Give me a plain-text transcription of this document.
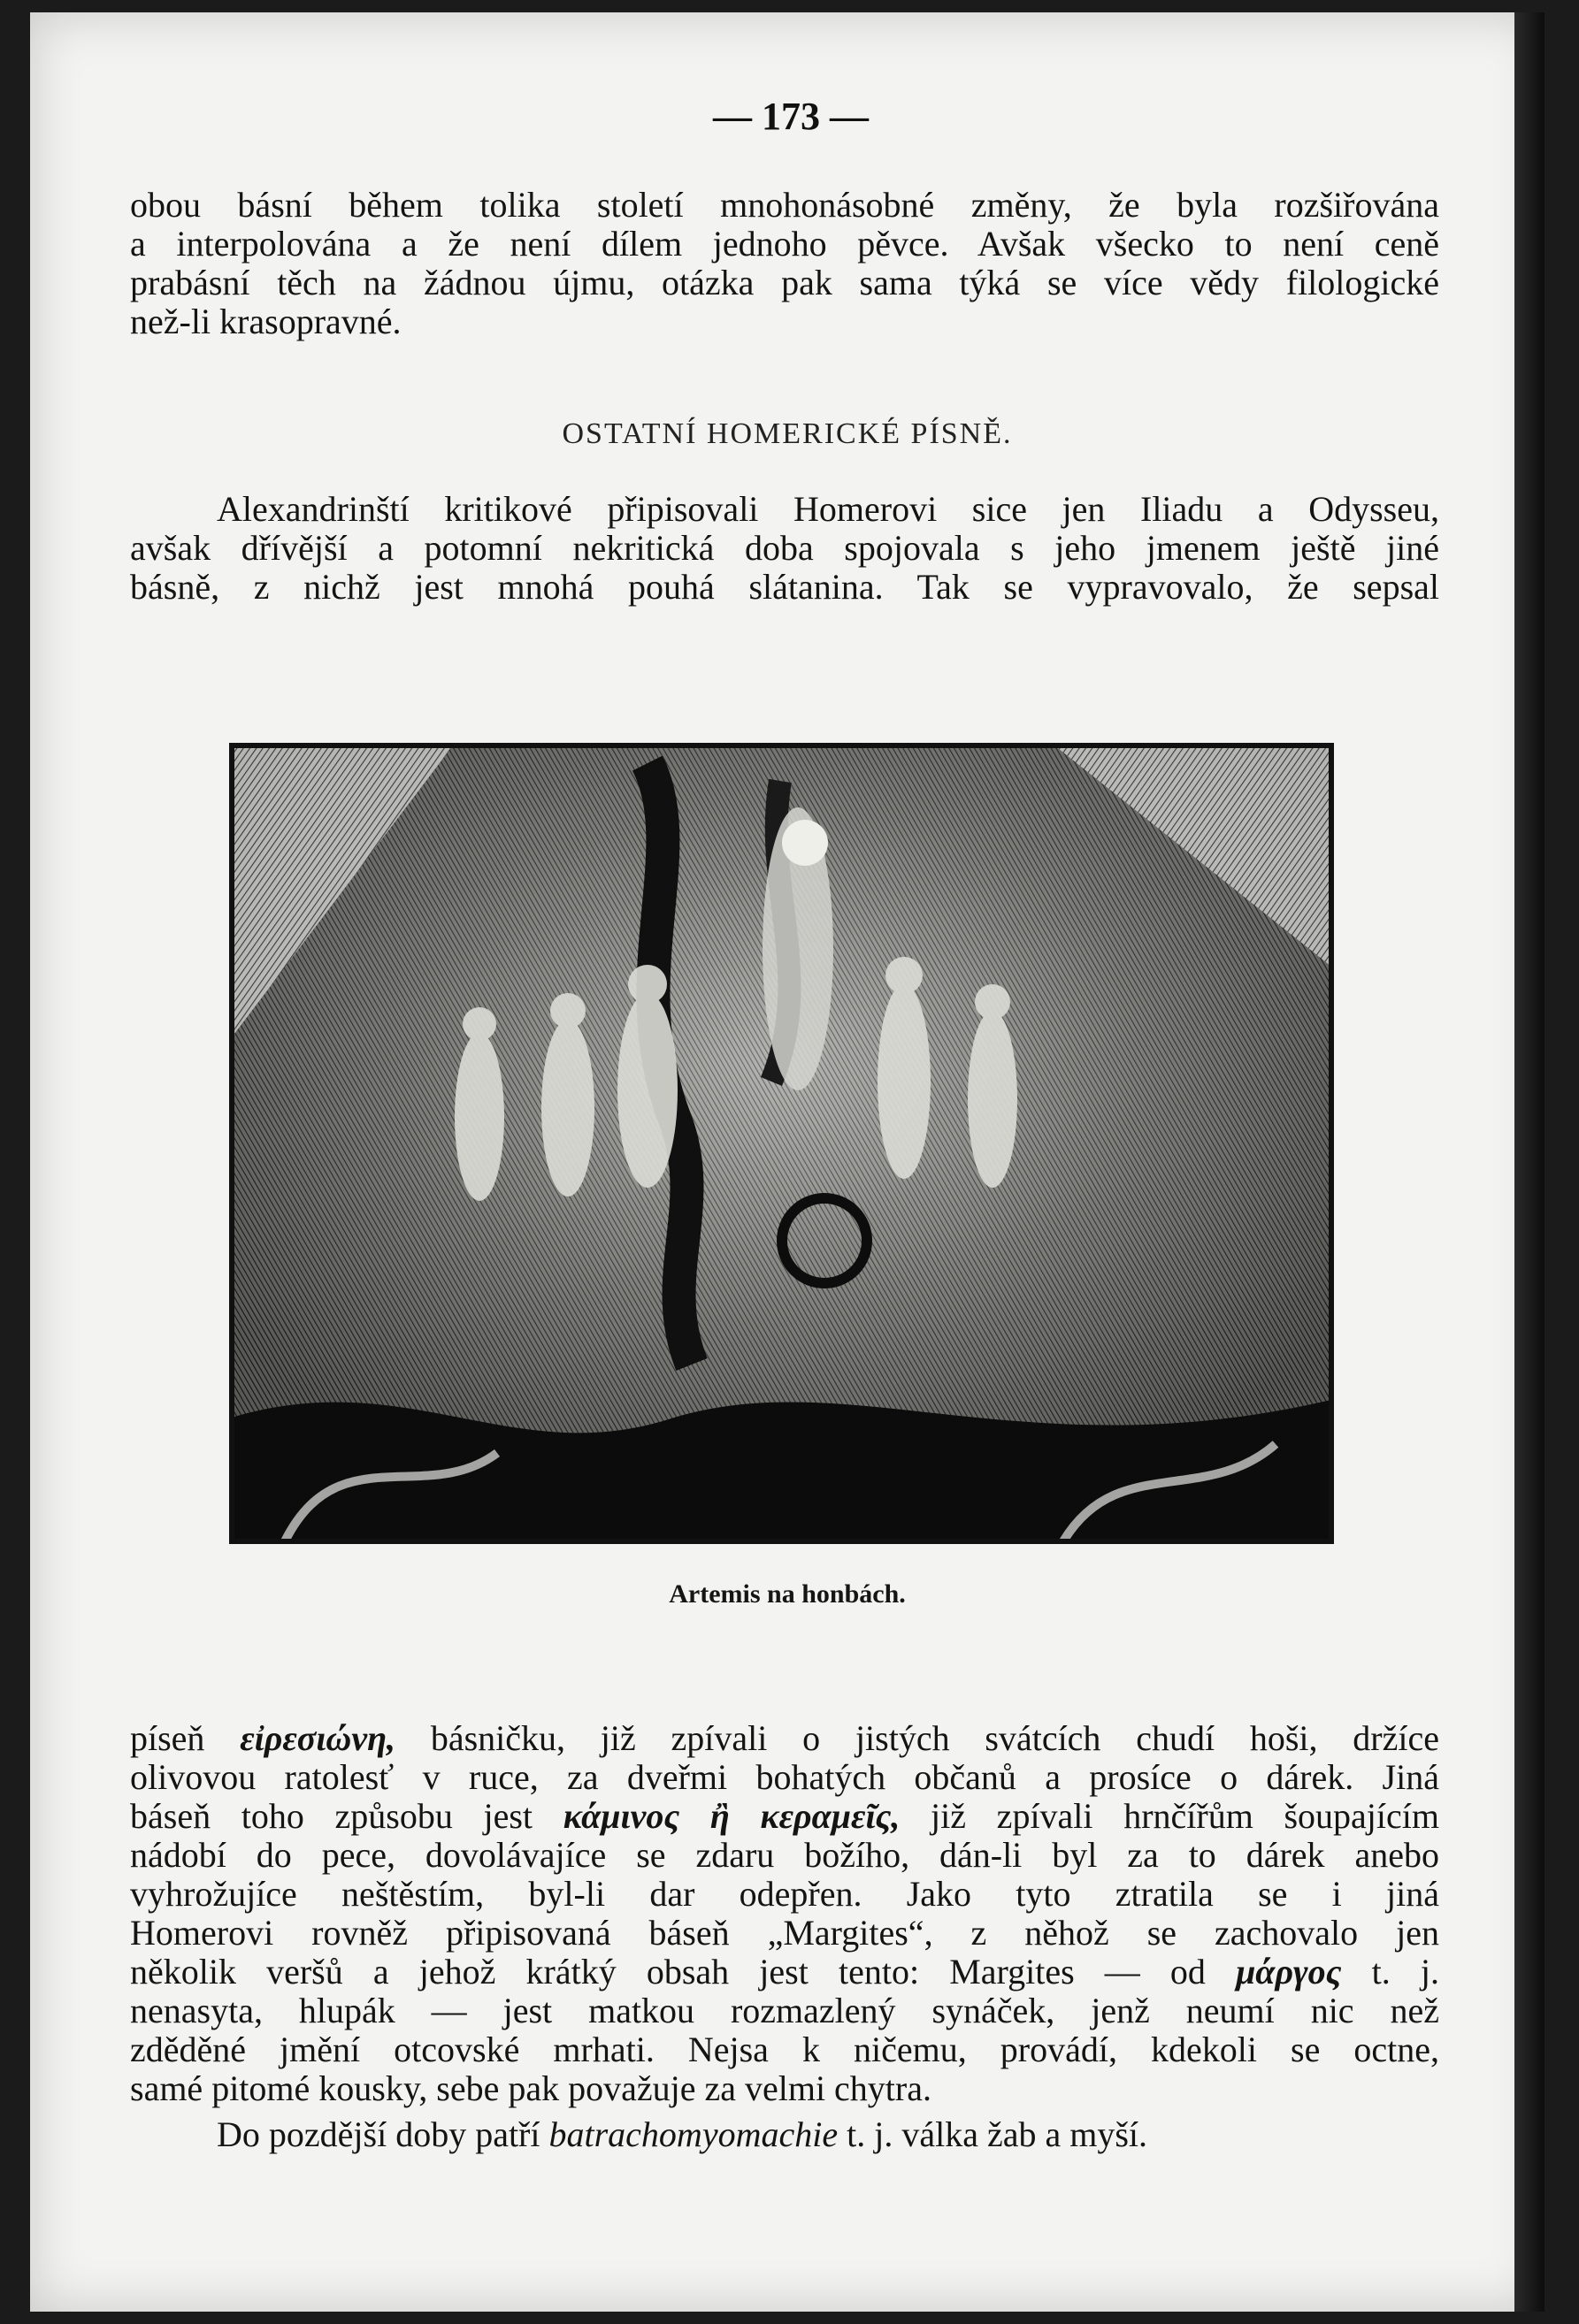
— 173 —

obou básní během tolika století mnohonásobné změny, že byla rozšiřována
a interpolována a že není dílem jednoho pěvce. Avšak všecko to není ceně
prabásní těch na žádnou újmu, otázka pak sama týká se více vědy filologické
než-li krasopravné.

OSTATNÍ HOMERICKÉ PÍSNĚ.

Alexandrinští kritikové připisovali Homerovi sice jen Iliadu a Odysseu,
avšak dřívější a potomní nekritická doba spojovala s jeho jmenem ještě jiné
básně, z nichž jest mnohá pouhá slátanina. Tak se vypravovalo, že sepsal

Artemis na honbách.

píseň εἰρεσιώνη, básničku, již zpívali o jistých svátcích chudí hoši, držíce
olivovou ratolesť v ruce, za dveřmi bohatých občanů a prosíce o dárek. Jiná
báseň toho způsobu jest κάμινος ἢ κεραμεῖς, již zpívali hrnčířům šoupajícím
nádobí do pece, dovolávajíce se zdaru božího, dán-li byl za to dárek anebo
vyhrožujíce neštěstím, byl-li dar odepřen. Jako tyto ztratila se i jiná
Homerovi rovněž připisovaná báseň „Margites“, z něhož se zachovalo jen
několik veršů a jehož krátký obsah jest tento: Margites — od μάργος t. j.
nenasyta, hlupák — jest matkou rozmazlený synáček, jenž neumí nic než
zděděné jmění otcovské mrhati. Nejsa k ničemu, provádí, kdekoli se octne,
samé pitomé kousky, sebe pak považuje za velmi chytra.

Do pozdější doby patří batrachomyomachie t. j. válka žab a myší.
